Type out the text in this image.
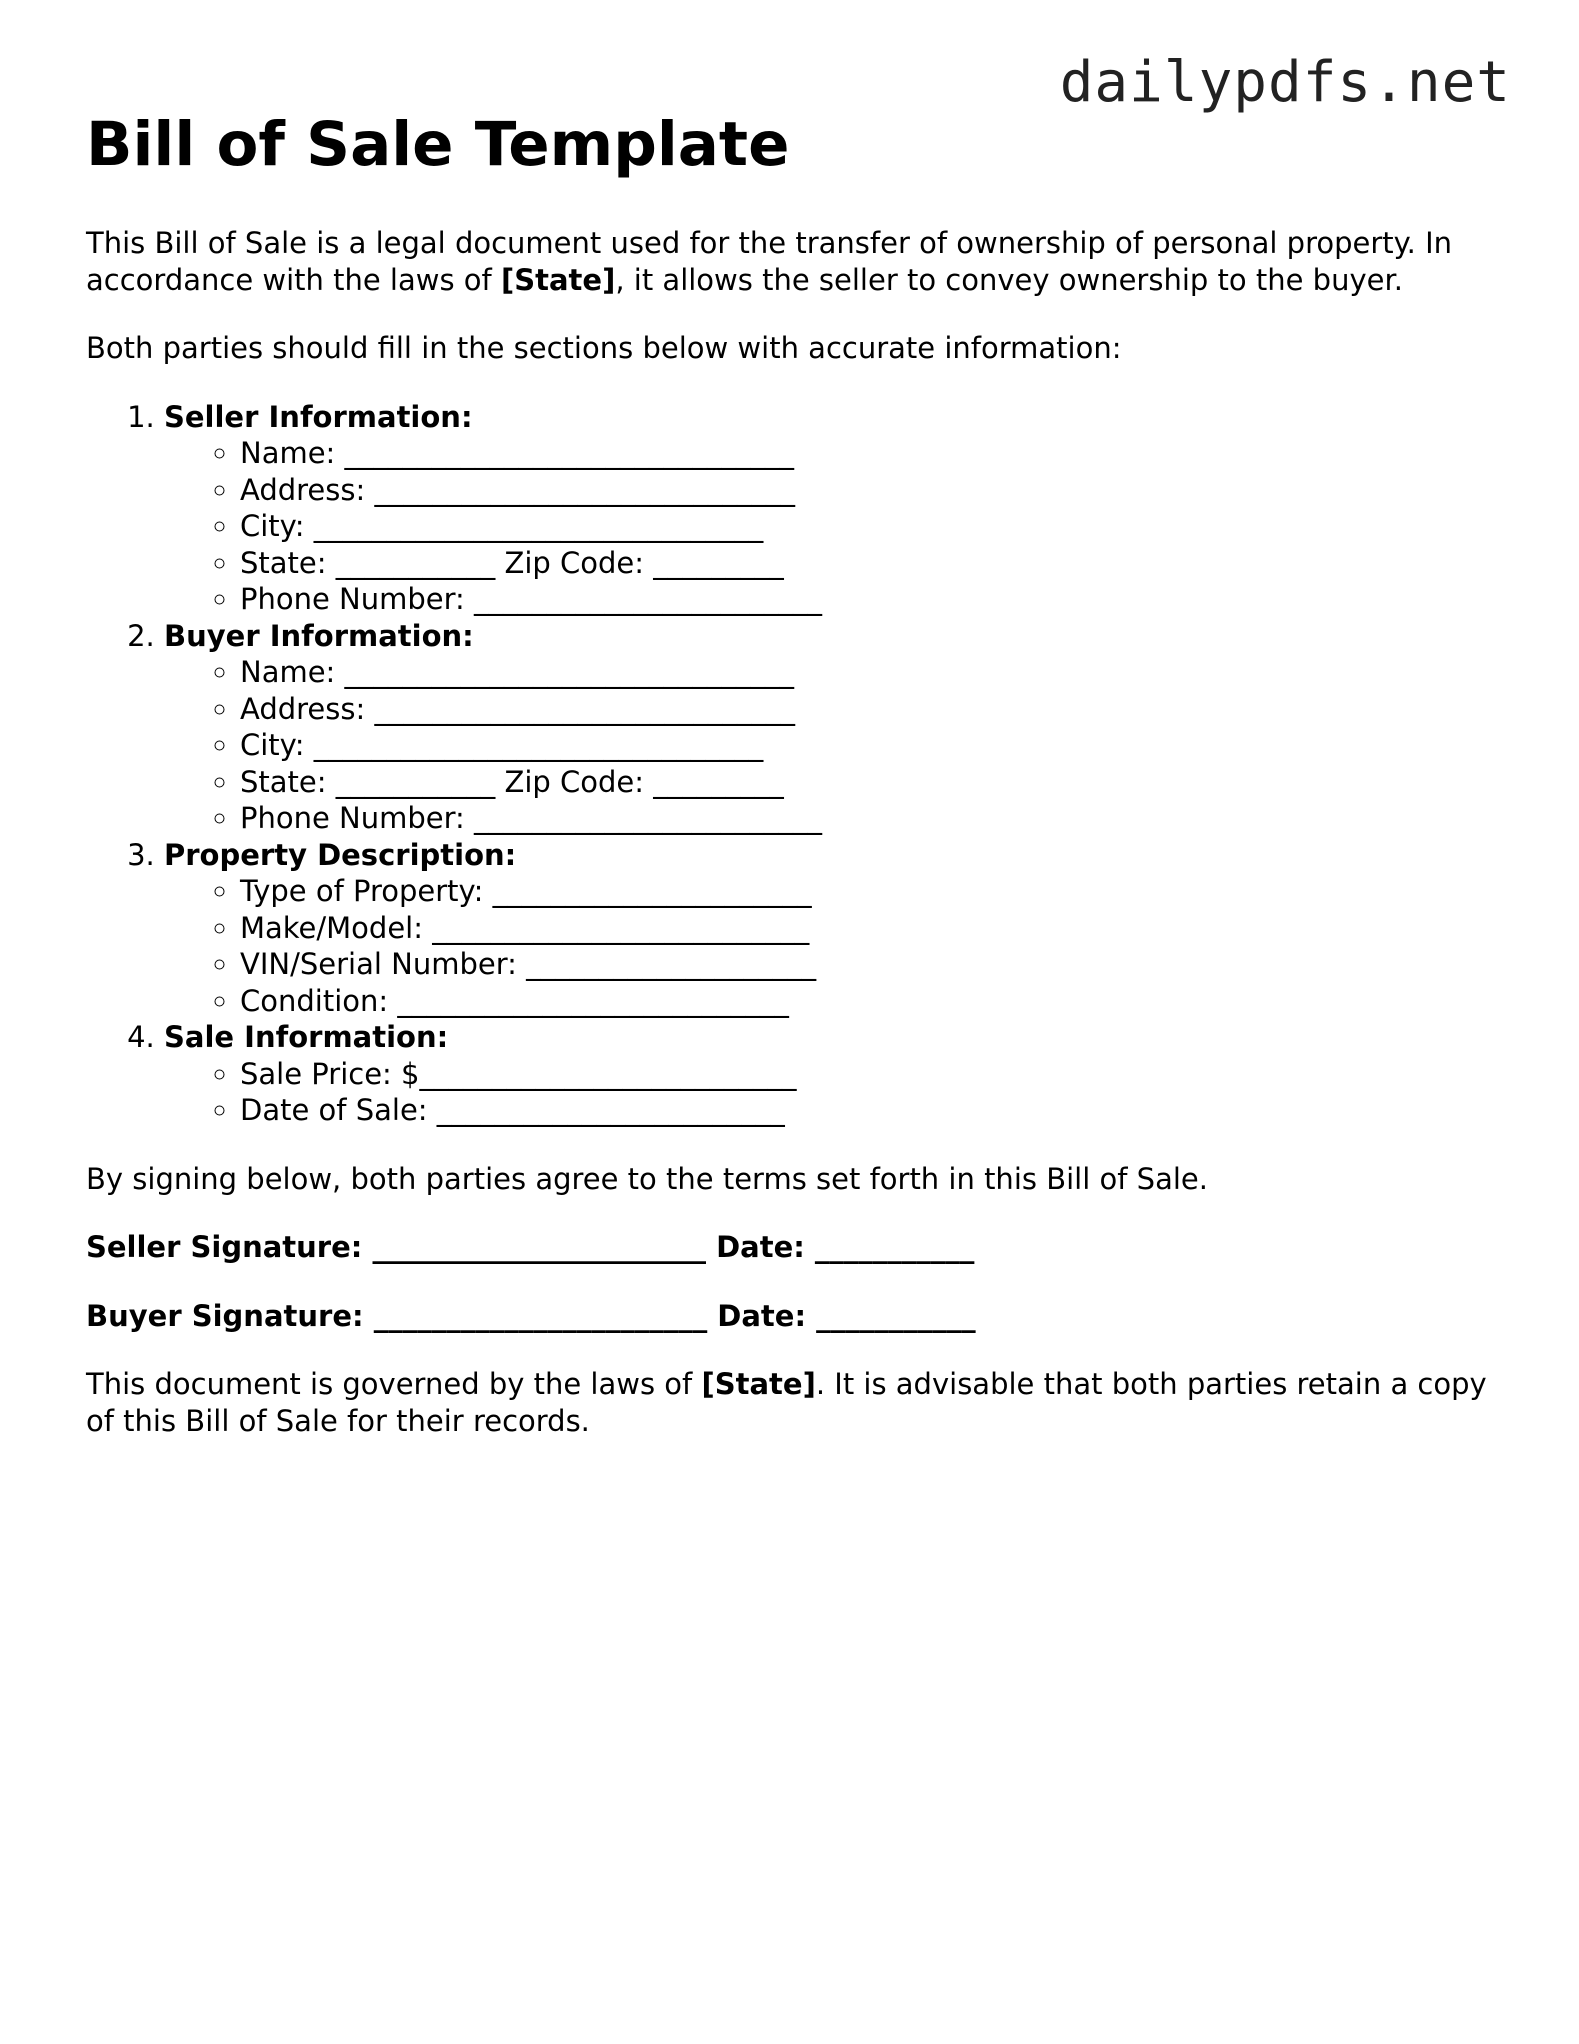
dailypdfs.net
Bill of Sale Template

This Bill of Sale is a legal document used for the transfer of ownership of personal property. In accordance with the laws of [State], it allows the seller to convey ownership to the buyer.

Both parties should fill in the sections below with accurate information:

1. Seller Information:
◦ Name: _______________________________
◦ Address: _____________________________
◦ City: _______________________________
◦ State: ___________ Zip Code: _________
◦ Phone Number: ________________________
2. Buyer Information:
◦ Name: _______________________________
◦ Address: _____________________________
◦ City: _______________________________
◦ State: ___________ Zip Code: _________
◦ Phone Number: ________________________
3. Property Description:
◦ Type of Property: ______________________
◦ Make/Model: __________________________
◦ VIN/Serial Number: ____________________
◦ Condition: ___________________________
4. Sale Information:
◦ Sale Price: $__________________________
◦ Date of Sale: ________________________

By signing below, both parties agree to the terms set forth in this Bill of Sale.

Seller Signature: _______________________ Date: ___________
Buyer Signature: _______________________ Date: ___________

This document is governed by the laws of [State]. It is advisable that both parties retain a copy of this Bill of Sale for their records.
